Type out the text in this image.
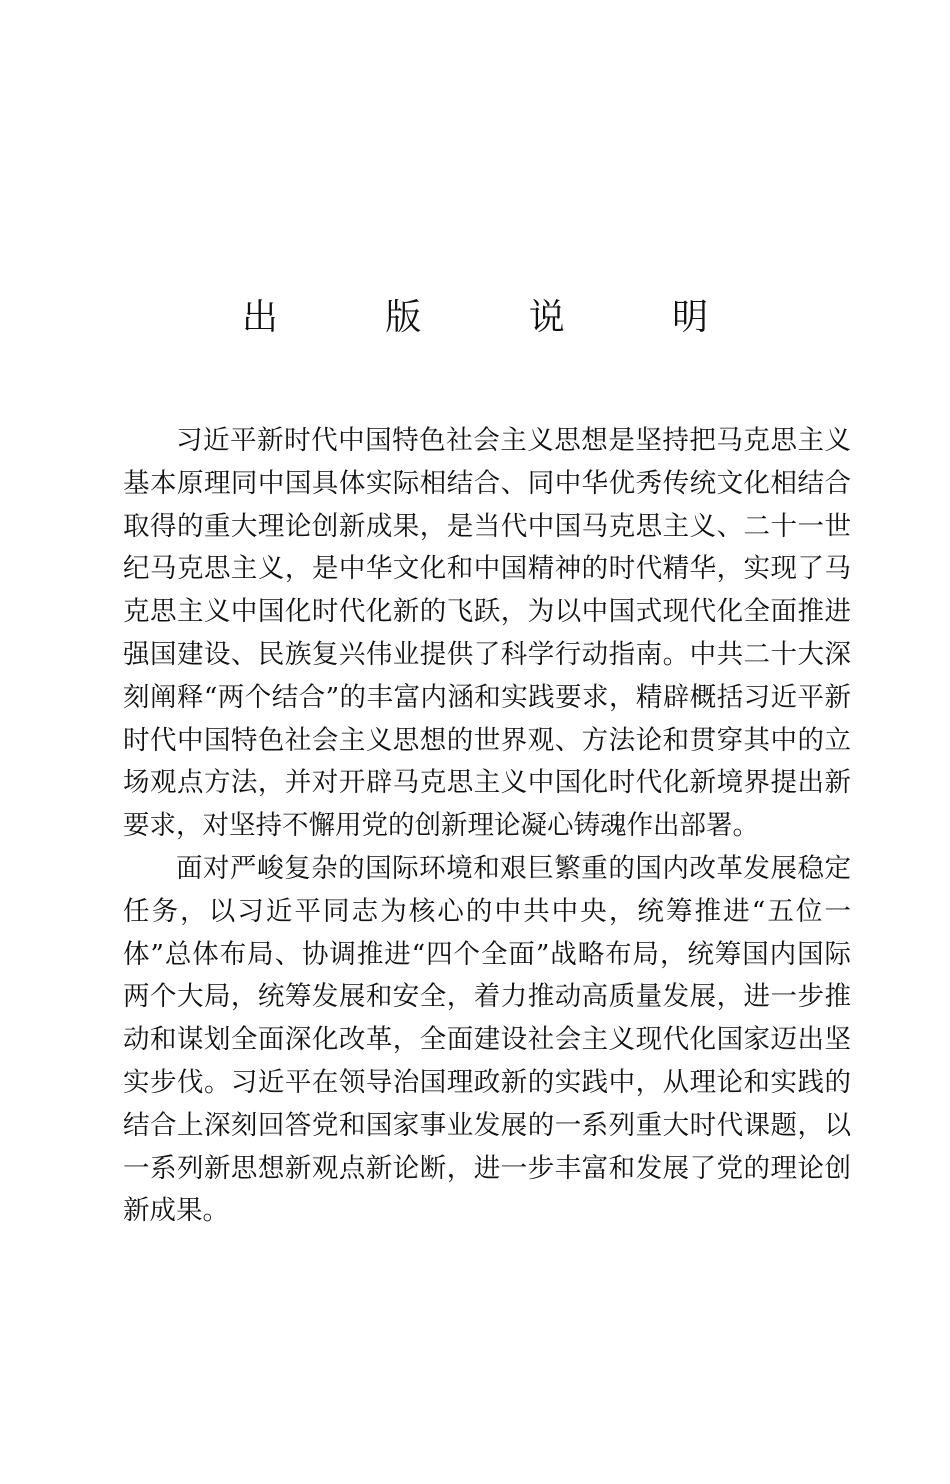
出 版 说 明

习近平新时代中国特色社会主义思想是坚持把马克思主义基本原理同中国具体实际相结合、同中华优秀传统文化相结合取得的重大理论创新成果，是当代中国马克思主义、二十一世纪马克思主义，是中华文化和中国精神的时代精华，实现了马克思主义中国化时代化新的飞跃，为以中国式现代化全面推进强国建设、民族复兴伟业提供了科学行动指南。中共二十大深刻阐释“两个结合”的丰富内涵和实践要求，精辟概括习近平新时代中国特色社会主义思想的世界观、方法论和贯穿其中的立场观点方法，并对开辟马克思主义中国化时代化新境界提出新要求，对坚持不懈用党的创新理论凝心铸魂作出部署。

面对严峻复杂的国际环境和艰巨繁重的国内改革发展稳定任务，以习近平同志为核心的中共中央，统筹推进“五位一体”总体布局、协调推进“四个全面”战略布局，统筹国内国际两个大局，统筹发展和安全，着力推动高质量发展，进一步推动和谋划全面深化改革，全面建设社会主义现代化国家迈出坚实步伐。习近平在领导治国理政新的实践中，从理论和实践的结合上深刻回答党和国家事业发展的一系列重大时代课题，以一系列新思想新观点新论断，进一步丰富和发展了党的理论创新成果。
